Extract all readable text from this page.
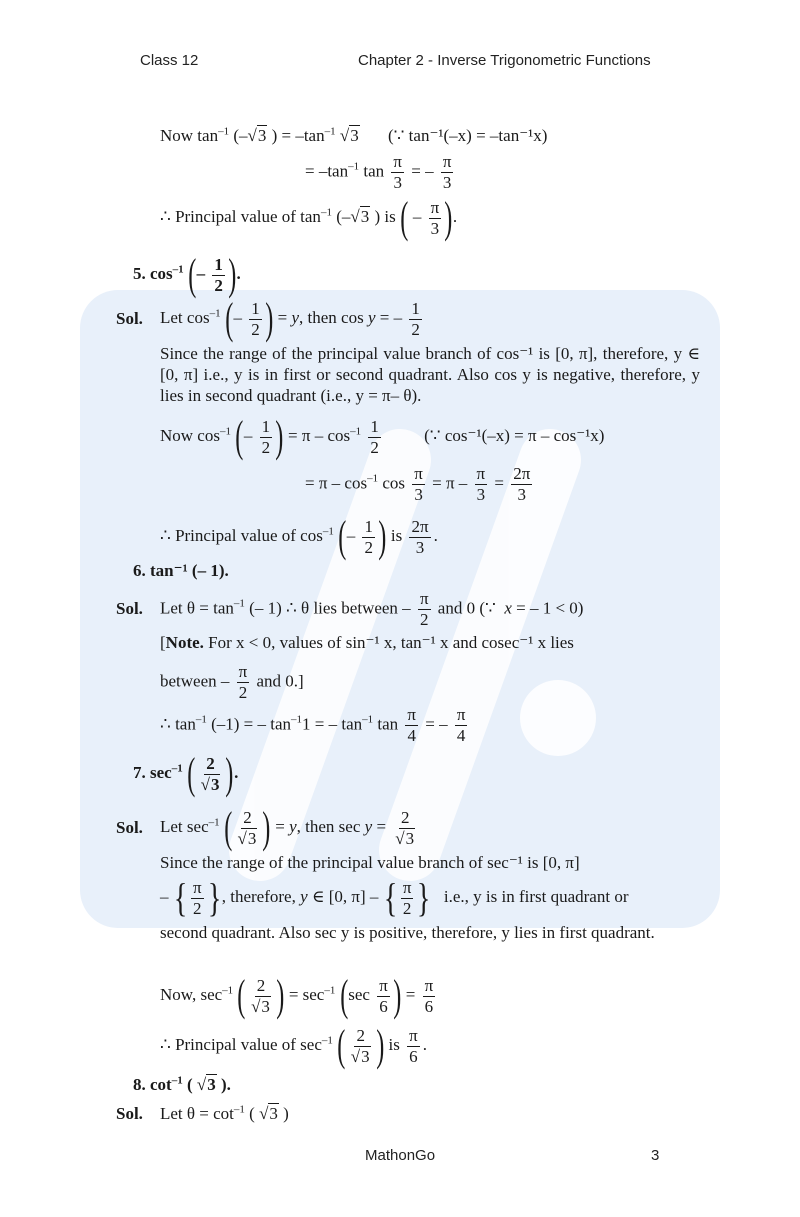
Class 12	Chapter 2 - Inverse Trigonometric Functions
Now $\tan^{-1} (-√3$ ) = $-\tan^{-1}$ √3 (∵ tan⁻¹(–x) = –tan⁻¹x)
= $-\tan^{-1}$ $\tan \frac{\pi}{3}$ = – $\frac{\pi}{3}$
∴ Principal value of $\tan^{-1} (-√3$ ) is ( – $\frac{\pi}{3}$ ).
5. $\cos^{-1}$ (– $\frac{1}{2}$ ).
Sol. Let $\cos^{-1}$ (– $\frac{1}{2}$ ) = y, then cos y = – $\frac{1}{2}$
Since the range of the principal value branch of cos⁻¹ is [0, π], therefore, y ∈ [0, π] i.e., y is in first or second quadrant. Also cos y is negative, therefore, y lies in second quadrant (i.e., y = π– θ).
Now $\cos^{-1}$ (– $\frac{1}{2}$ ) = π – $\cos^{-1} \frac{1}{2}$	(∵ cos⁻¹(–x) = π – cos⁻¹x)
= $\pi - \cos^{-1} \cos \frac{\pi}{3} = \pi - \frac{\pi}{3} = \frac{2\pi}{3}$
∴ Principal value of $\cos^{-1}$ (– $\frac{1}{2}$ ) is $\frac{2\pi}{3}$ .
6. tan⁻¹ (– 1).
Sol. Let $\theta = \tan^{-1}$ (– 1) ∴ θ lies between – $\frac{\pi}{2}$ and 0 (∵  x = – 1 < 0)
[Note. For x < 0, values of sin⁻¹ x, tan⁻¹ x and cosec⁻¹ x lies
between – $\frac{\pi}{2}$ and 0.]
∴ $\tan^{-1} (-1)$ = – $\tan^{-1}1$ = – $\tan^{-1} \tan \frac{\pi}{4}$ = – $\frac{\pi}{4}$
7. $\sec^{-1}$ ( $\frac{2}{√3}$ ).
Sol. Let $\sec^{-1}$ ( $\frac{2}{√3}$ ) = y, then $\sec y = \frac{2}{√3}$
Since the range of the principal value branch of sec⁻¹ is [0, π]
– { $\frac{\pi}{2}$ }, therefore, y ∈ [0, π] – { $\frac{\pi}{2}$ } i.e., y is in first quadrant or
second quadrant. Also sec y is positive, therefore, y lies in first quadrant.
Now, $\sec^{-1}$ ( $\frac{2}{√3}$ ) = $\sec^{-1} (\sec \frac{\pi}{6}$ ) = $\frac{\pi}{6}$
∴ Principal value of $\sec^{-1}$ ( $\frac{2}{√3}$ ) is $\frac{\pi}{6}$ .
8. $\cot^{-1}$ ( √3 ).
Sol. Let $\theta = \cot^{-1}$ ( √3 )
MathonGo	3
